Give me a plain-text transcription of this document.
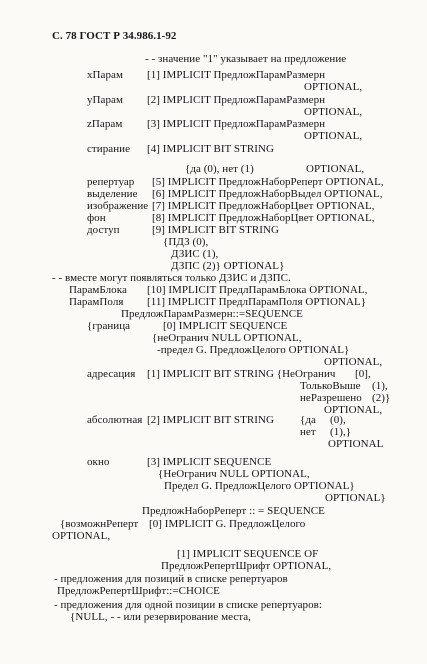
С. 78 ГОСТ Р 34.986.1-92
- - значение "1" указывает на предложение
хПарам [1] IMPLICIT ПредложПарамРазмерн
OPTIONAL,
уПарам [2] IMPLICIT ПредложПарамРазмерн
OPTIONAL,
zПарам [3] IMPLICIT ПредложПарамРазмерн
OPTIONAL,
стирание [4] IMPLICIT BIT STRING
{да (0), нет (1)	OPTIONAL,
репертуар [5] IMPLICIT ПредложНаборРеперт OPTIONAL,
выделение [6] IMPLICIT ПредложНаборВыдел OPTIONAL,
изображение [7] IMPLICIT ПредложНаборЦвет OPTIONAL,
фон	[8] IMPLICIT ПредложНаборЦвет OPTIONAL,
доступ	[9] IMPLICIT BIT STRING
{ПДЗ (0),
ДЗИС (1),
ДЗПС (2)} OPTIONAL}
- - вместе могут появляться только ДЗИС и ДЗПС.
ПарамБлока [10] IMPLICIT ПредлПарамБлока OPTIONAL,
ПарамПоля [11] IMPLICIT ПредлПарамПоля OPTIONAL}
ПредложПарамРазмерн::=SEQUENCE
{граница	[0] IMPLICIT SEQUENCE
{неОгранич NULL OPTIONAL,
-предел G. ПредложЦелого OPTIONAL}
OPTIONAL,
адресация [1] IMPLICIT BIT STRING {НеОгранич [0],
ТолькоВыше (1),
неРазрешено (2)}
OPTIONAL,
абсолютная [2] IMPLICIT BIT STRING {да (0),
нет (1),}
OPTIONAL
окно	[3] IMPLICIT SEQUENCE
{НеОгранич NULL OPTIONAL,
Предел G. ПредложЦелого OPTIONAL}
OPTIONAL}
ПредложНаборРеперт :: = SEQUENCE
{возможнРеперт [0] IMPLICIT G. ПредложЦелого
OPTIONAL,
[1] IMPLICIT SEQUENCE OF
ПредложРепертШрифт OPTIONAL,
- предложения для позиций в списке репертуаров
ПредложРепертШрифт::=CHOICE
- предложения для одной позиции в списке репертуаров:
{NULL, - - или резервирование места,
